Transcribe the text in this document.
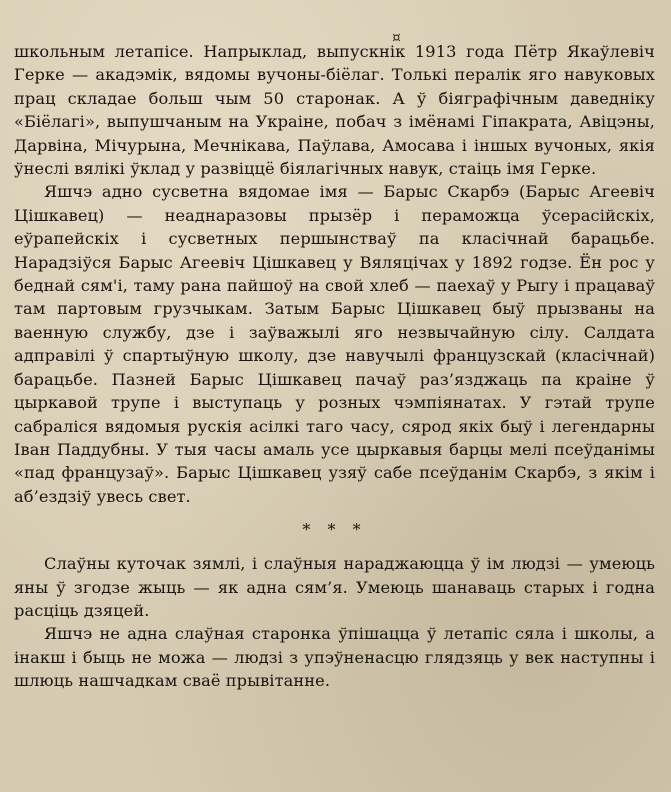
¤

школьным летапісе. Напрыклад, выпускнік 1913 года Пётр Якаўлевіч Герке — акадэмік, вядомы вучоны-біёлаг. Толькі пералік яго навуковых прац складае больш чым 50 старонак. А ў біяграфічным даведніку «Біёлагі», выпушчаным на Украіне, побач з імёнамі Гіпакрата, Авіцэны, Дарвіна, Мічурына, Мечнікава, Паўлава, Амосава і іншых вучоных, якія ўнеслі вялікі ўклад у развіццё біялагічных навук, стаіць імя Герке.

Яшчэ адно сусветна вядомае імя — Барыс Скарбэ (Барыс Агеевіч Цішкавец) — неаднаразовы прызёр і пераможца ўсерасійскіх, еўрапейскіх і сусветных першынстваў па класічнай барацьбе. Нарадзіўся Барыс Агеевіч Цішкавец у Вяляцічах у 1892 годзе. Ён рос у беднай сям'і, таму рана пайшоў на свой хлеб — паехаў у Рыгу і працаваў там партовым грузчыкам. Затым Барыс Цішкавец быў прызваны на ваенную службу, дзе і заўважылі яго незвычайную сілу. Салдата адправілі ў спартыўную школу, дзе навучылі французскай (класічнай) барацьбе. Пазней Барыс Цішкавец пачаў раз’язджаць па краіне ў цыркавой трупе і выступаць у розных чэмпіянатах. У гэтай трупе сабраліся вядомыя рускія асілкі таго часу, сярод якіх быў і легендарны Іван Паддубны. У тыя часы амаль усе цыркавыя барцы мелі псеўданімы «пад французаў». Барыс Цішкавец узяў сабе псеўданім Скарбэ, з якім і аб’ездзіў увесь свет.

* * *

Слаўны куточак зямлі, і слаўныя нараджаюцца ў ім людзі — умеюць яны ў згодзе жыць — як адна сям’я. Умеюць шанаваць старых і годна расціць дзяцей.

Яшчэ не адна слаўная старонка ўпішацца ў летапіс сяла і школы, а інакш і быць не можа — людзі з упэўненасцю глядзяць у век наступны і шлюць нашчадкам сваё прывітанне.
